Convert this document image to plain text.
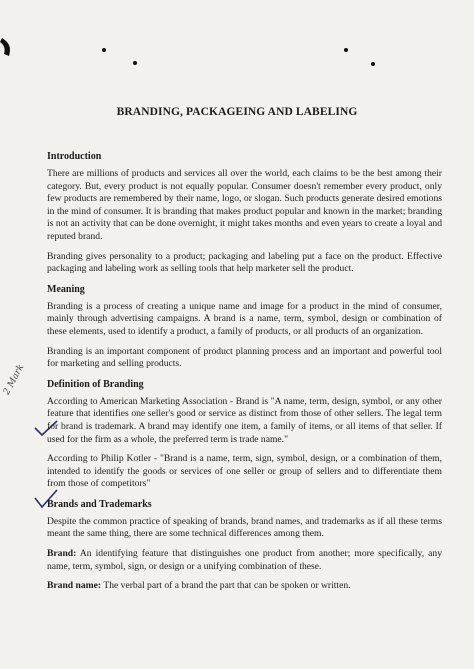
BRANDING, PACKAGEING AND LABELING
2 Mark
Introduction

There are millions of products and services all over the world, each claims to be the best among their category. But, every product is not equally popular. Consumer doesn't remember every product, only few products are remembered by their name, logo, or slogan. Such products generate desired emotions in the mind of consumer. It is branding that makes product popular and known in the market; branding is not an activity that can be done overnight, it might takes months and even years to create a loyal and reputed brand.

Branding gives personality to a product; packaging and labeling put a face on the product. Effective packaging and labeling work as selling tools that help marketer sell the product.

Meaning

Branding is a process of creating a unique name and image for a product in the mind of consumer, mainly through advertising campaigns. A brand is a name, term, symbol, design or combination of these elements, used to identify a product, a family of products, or all products of an organization.

Branding is an important component of product planning process and an important and powerful tool for marketing and selling products.

Definition of Branding

According to American Marketing Association - Brand is "A name, term, design, symbol, or any other feature that identifies one seller's good or service as distinct from those of other sellers. The legal term for brand is trademark. A brand may identify one item, a family of items, or all items of that seller. If used for the firm as a whole, the preferred term is trade name."

According to Philip Kotler - "Brand is a name, term, sign, symbol, design, or a combination of them, intended to identify the goods or services of one seller or group of sellers and to differentiate them from those of competitors"

Brands and Trademarks

Despite the common practice of speaking of brands, brand names, and trademarks as if all these terms meant the same thing, there are some technical differences among them.

Brand: An identifying feature that distinguishes one product from another; more specifically, any name, term, symbol, sign, or design or a unifying combination of these.

Brand name: The verbal part of a brand the part that can be spoken or written.
